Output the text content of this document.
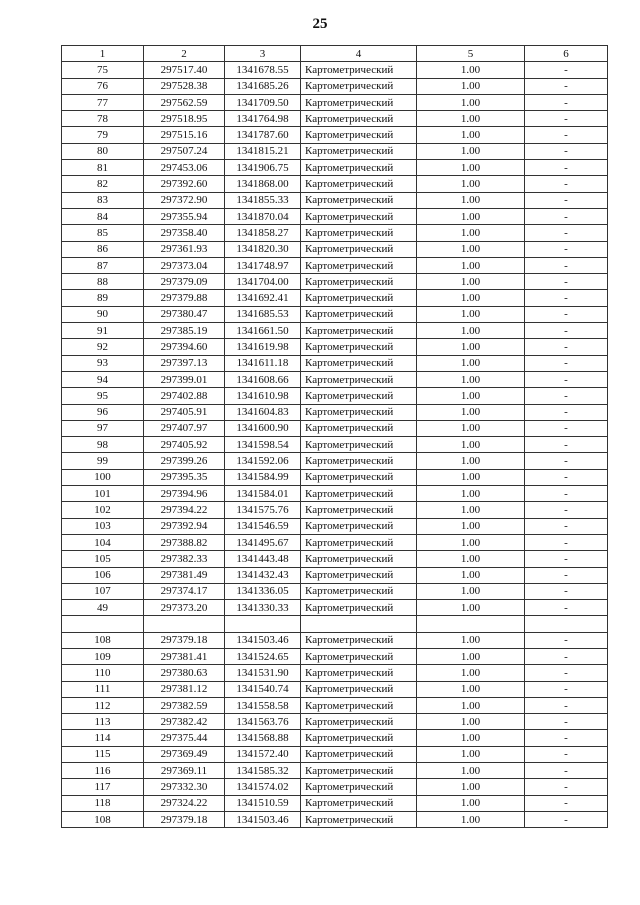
25
1	2	3	4	5	6
75	297517.40	1341678.55	Картометрический	1.00	-
76	297528.38	1341685.26	Картометрический	1.00	-
77	297562.59	1341709.50	Картометрический	1.00	-
78	297518.95	1341764.98	Картометрический	1.00	-
79	297515.16	1341787.60	Картометрический	1.00	-
80	297507.24	1341815.21	Картометрический	1.00	-
81	297453.06	1341906.75	Картометрический	1.00	-
82	297392.60	1341868.00	Картометрический	1.00	-
83	297372.90	1341855.33	Картометрический	1.00	-
84	297355.94	1341870.04	Картометрический	1.00	-
85	297358.40	1341858.27	Картометрический	1.00	-
86	297361.93	1341820.30	Картометрический	1.00	-
87	297373.04	1341748.97	Картометрический	1.00	-
88	297379.09	1341704.00	Картометрический	1.00	-
89	297379.88	1341692.41	Картометрический	1.00	-
90	297380.47	1341685.53	Картометрический	1.00	-
91	297385.19	1341661.50	Картометрический	1.00	-
92	297394.60	1341619.98	Картометрический	1.00	-
93	297397.13	1341611.18	Картометрический	1.00	-
94	297399.01	1341608.66	Картометрический	1.00	-
95	297402.88	1341610.98	Картометрический	1.00	-
96	297405.91	1341604.83	Картометрический	1.00	-
97	297407.97	1341600.90	Картометрический	1.00	-
98	297405.92	1341598.54	Картометрический	1.00	-
99	297399.26	1341592.06	Картометрический	1.00	-
100	297395.35	1341584.99	Картометрический	1.00	-
101	297394.96	1341584.01	Картометрический	1.00	-
102	297394.22	1341575.76	Картометрический	1.00	-
103	297392.94	1341546.59	Картометрический	1.00	-
104	297388.82	1341495.67	Картометрический	1.00	-
105	297382.33	1341443.48	Картометрический	1.00	-
106	297381.49	1341432.43	Картометрический	1.00	-
107	297374.17	1341336.05	Картометрический	1.00	-
49	297373.20	1341330.33	Картометрический	1.00	-

108	297379.18	1341503.46	Картометрический	1.00	-
109	297381.41	1341524.65	Картометрический	1.00	-
110	297380.63	1341531.90	Картометрический	1.00	-
111	297381.12	1341540.74	Картометрический	1.00	-
112	297382.59	1341558.58	Картометрический	1.00	-
113	297382.42	1341563.76	Картометрический	1.00	-
114	297375.44	1341568.88	Картометрический	1.00	-
115	297369.49	1341572.40	Картометрический	1.00	-
116	297369.11	1341585.32	Картометрический	1.00	-
117	297332.30	1341574.02	Картометрический	1.00	-
118	297324.22	1341510.59	Картометрический	1.00	-
108	297379.18	1341503.46	Картометрический	1.00	-
